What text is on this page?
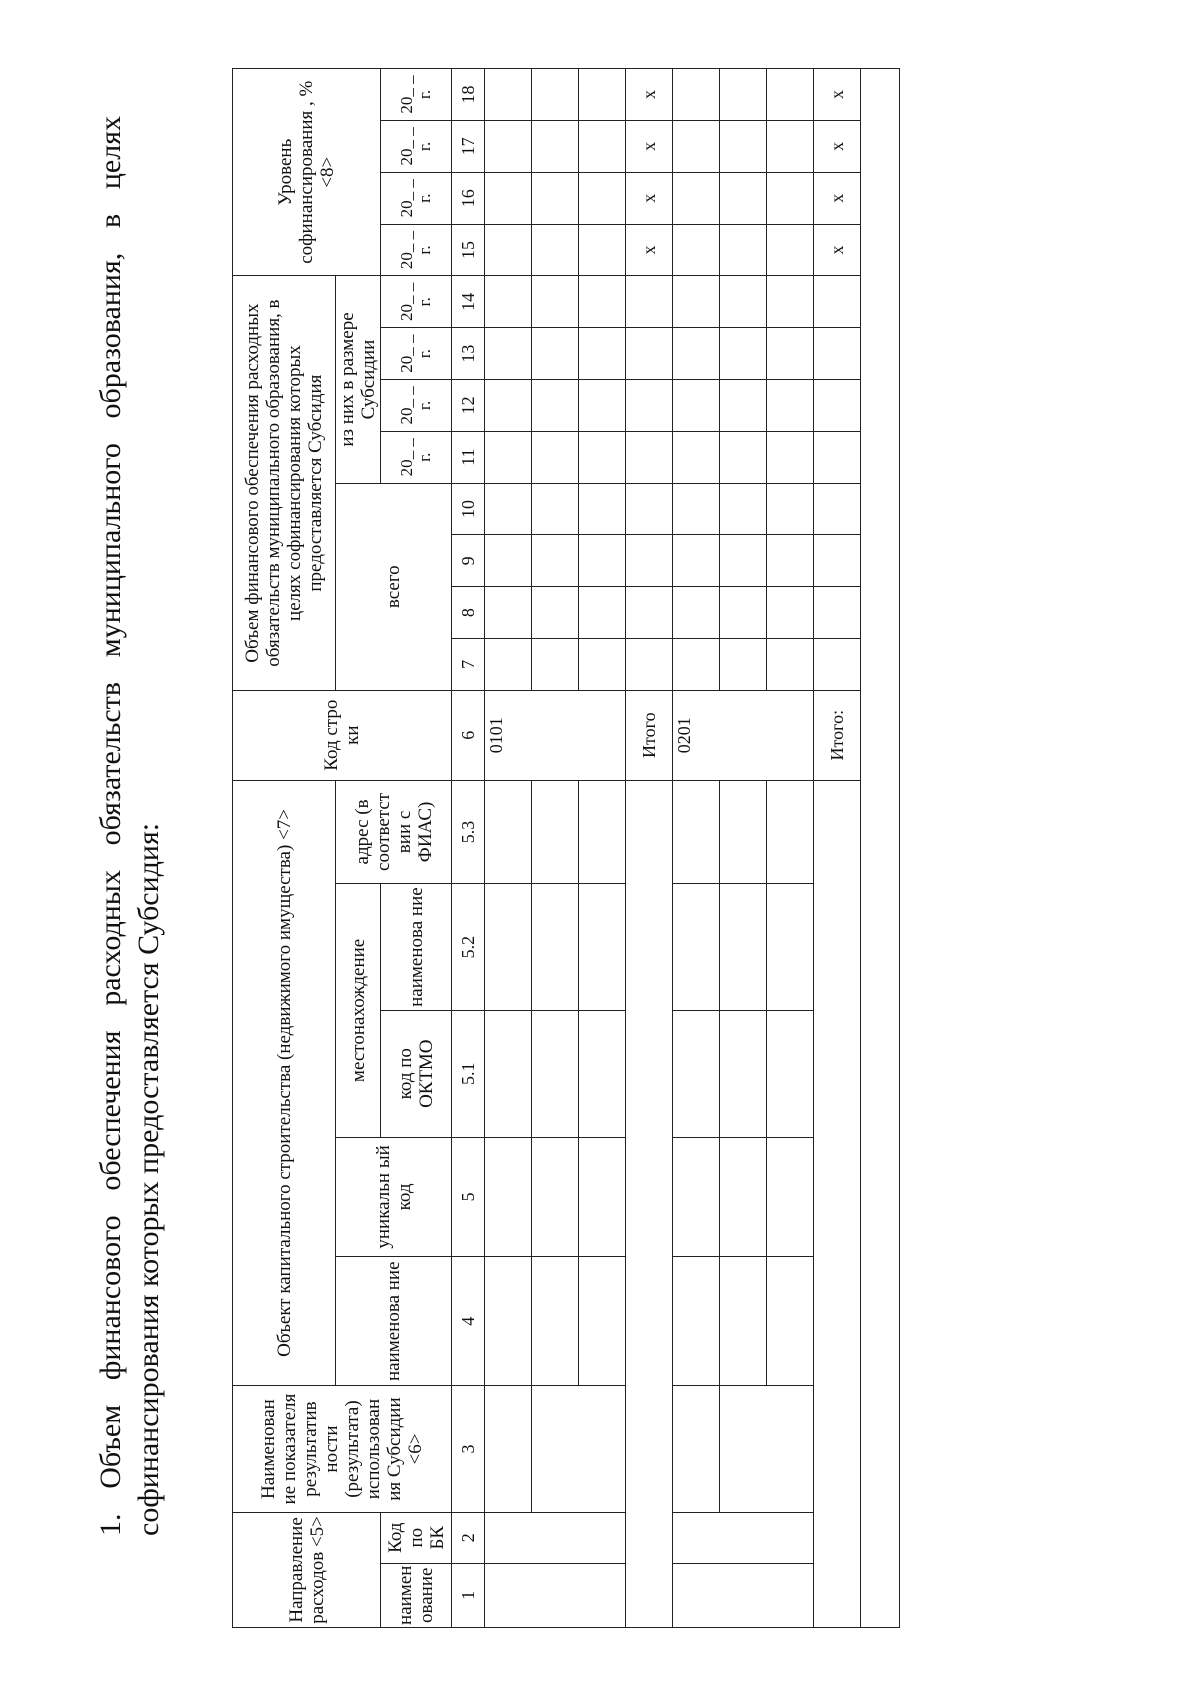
1. Объем финансового обеспечения расходных обязательств муниципального образования, в целях софинансирования которых предоставляется Субсидия:
Направление расходов <5>		Наименован ие показателя результатив ности (результата) использован ия Субсидии <6>	Объект капитального строительства (недвижимого имущества) <7>					Код стро ки	Объем финансового обеспечения расходных обязательств муниципального образования, в целях софинансирования которых предоставляется Субсидия								Уровень софинансирования , % <8>			
			наименова ние	уникальн ый код	местонахождение		адрес (в соответст вии с ФИАС)		всего				из них в размере Субсидии							
наимен ование	Код по БК				код по ОКТМО	наименова ние							20_ _ г.	20_ _ г.	20_ _ г.	20_ _ г.	20_ _ г.	20_ _ г.	20_ _ г.	20_ _ г.
1	2	3	4	5	5.1	5.2	5.3	6	7	8	9	10	11	12	13	14	15	16	17	18
								0101												

								Итого									x	x	x	x
								0201												

								Итого:									x	x	x	x
